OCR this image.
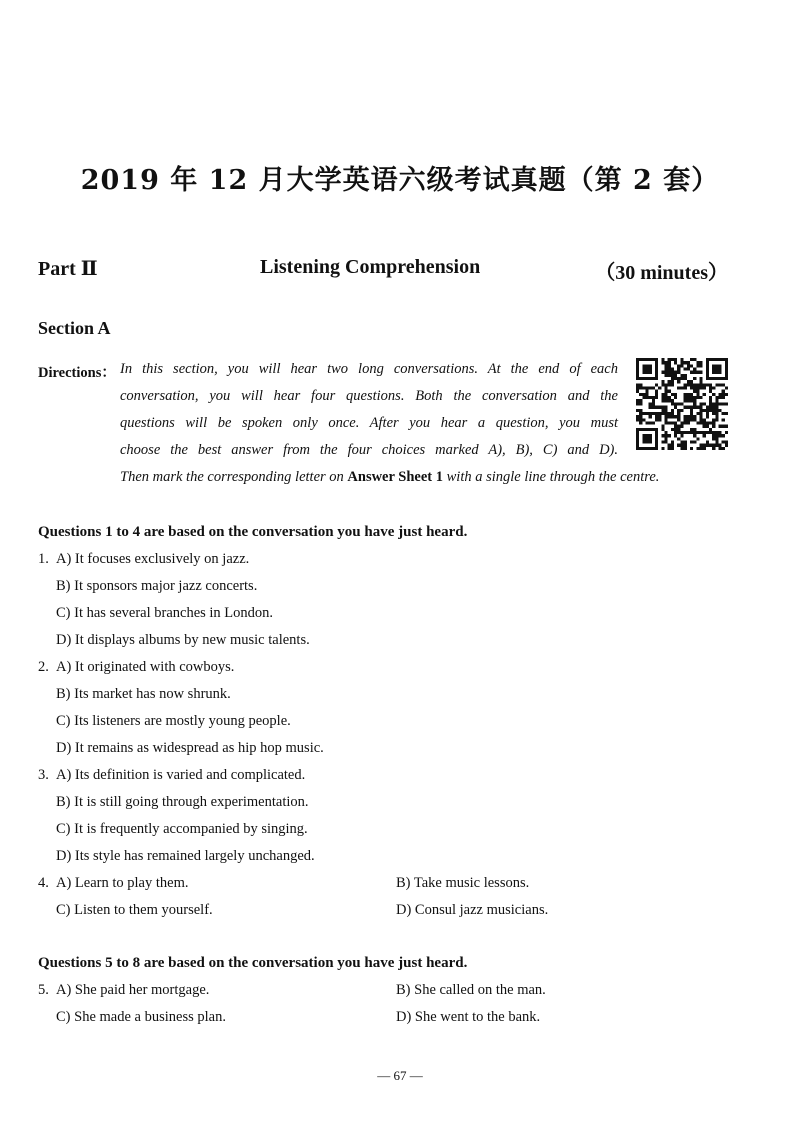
2019 年 12 月大学英语六级考试真题（第 2 套）
Part Ⅱ	Listening Comprehension	（30 minutes）
Section A
Directions： In this section, you will hear two long conversations. At the end of each
conversation, you will hear four questions. Both the conversation and the
questions will be spoken only once. After you hear a question, you must
choose the best answer from the four choices marked A), B), C) and D).
Then mark the corresponding letter on Answer Sheet 1 with a single line through the centre.
Questions 1 to 4 are based on the conversation you have just heard.
1. A) It focuses exclusively on jazz.
B) It sponsors major jazz concerts.
C) It has several branches in London.
D) It displays albums by new music talents.
2. A) It originated with cowboys.
B) Its market has now shrunk.
C) Its listeners are mostly young people.
D) It remains as widespread as hip hop music.
3. A) Its definition is varied and complicated.
B) It is still going through experimentation.
C) It is frequently accompanied by singing.
D) Its style has remained largely unchanged.
4. A) Learn to play them.	B) Take music lessons.
C) Listen to them yourself.	D) Consul jazz musicians.
Questions 5 to 8 are based on the conversation you have just heard.
5. A) She paid her mortgage.	B) She called on the man.
C) She made a business plan.	D) She went to the bank.
— 67 —
